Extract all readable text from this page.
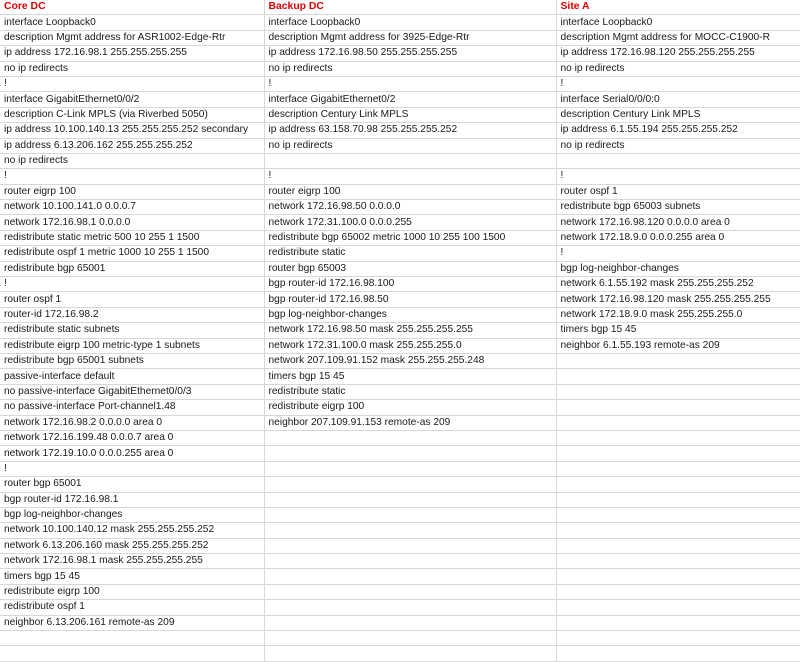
Core DC	Backup DC	Site A
interface Loopback0	interface Loopback0	interface Loopback0
description Mgmt address for ASR1002-Edge-Rtr	description Mgmt address for 3925-Edge-Rtr	description Mgmt address for MOCC-C1900-R
ip address 172.16.98.1 255.255.255.255	ip address 172.16.98.50 255.255.255.255	ip address 172.16.98.120 255.255.255.255
no ip redirects	no ip redirects	no ip redirects
!	!	!
interface GigabitEthernet0/0/2	interface GigabitEthernet0/2	interface Serial0/0/0:0
description C-Link MPLS (via Riverbed 5050)	description Century Link MPLS	description Century Link MPLS
ip address 10.100.140.13 255.255.255.252 secondary	ip address 63.158.70.98 255.255.255.252	ip address 6.1.55.194 255.255.255.252
ip address 6.13.206.162 255.255.255.252	no ip redirects	no ip redirects
no ip redirects		
!	!	!
router eigrp 100	router eigrp 100	router ospf 1
network 10.100.141.0 0.0.0.7	network 172.16.98.50 0.0.0.0	redistribute bgp 65003 subnets
network 172.16.98.1 0.0.0.0	network 172.31.100.0 0.0.0.255	network 172.16.98.120 0.0.0.0 area 0
redistribute static metric 500 10 255 1 1500	redistribute bgp 65002 metric 1000 10 255 100 1500	network 172.18.9.0 0.0.0.255 area 0
redistribute ospf 1 metric 1000 10 255 1 1500	redistribute static	!
redistribute bgp 65001	router bgp 65003	bgp log-neighbor-changes
!	bgp router-id 172.16.98.100	network 6.1.55.192 mask 255.255.255.252
router ospf 1	bgp router-id 172.16.98.50	network 172.16.98.120 mask 255.255.255.255
router-id 172.16.98.2	bgp log-neighbor-changes	network 172.18.9.0 mask 255.255.255.0
redistribute static subnets	network 172.16.98.50 mask 255.255.255.255	timers bgp 15 45
redistribute eigrp 100 metric-type 1 subnets	network 172.31.100.0 mask 255.255.255.0	neighbor 6.1.55.193 remote-as 209
redistribute bgp 65001 subnets	network 207.109.91.152 mask 255.255.255.248	
passive-interface default	timers bgp 15 45	
no passive-interface GigabitEthernet0/0/3	redistribute static	
no passive-interface Port-channel1.48	redistribute eigrp 100	
network 172.16.98.2 0.0.0.0 area 0	neighbor 207.109.91.153 remote-as 209	
network 172.16.199.48 0.0.0.7 area 0		
network 172.19.10.0 0.0.0.255 area 0		
!		
router bgp 65001		
bgp router-id 172.16.98.1		
bgp log-neighbor-changes		
network 10.100.140.12 mask 255.255.255.252		
network 6.13.206.160 mask 255.255.255.252		
network 172.16.98.1 mask 255.255.255.255		
timers bgp 15 45		
redistribute eigrp 100		
redistribute ospf 1		
neighbor 6.13.206.161 remote-as 209		
